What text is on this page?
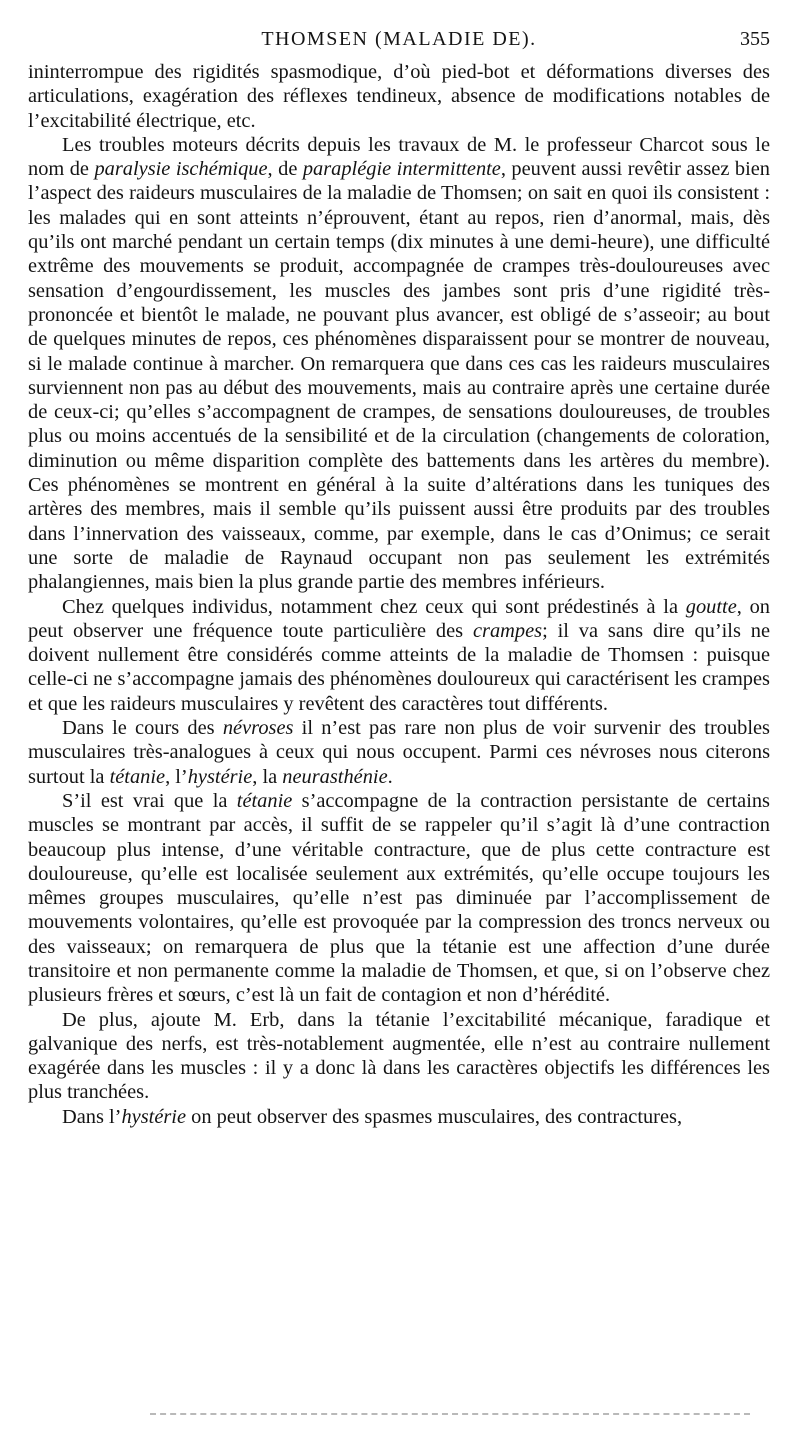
THOMSEN (MALADIE DE).	355

ininterrompue des rigidités spasmodique, d’où pied-bot et déformations diverses des articulations, exagération des réflexes tendineux, absence de modifications notables de l’excitabilité électrique, etc.

Les troubles moteurs décrits depuis les travaux de M. le professeur Charcot sous le nom de paralysie ischémique, de paraplégie intermittente, peuvent aussi revêtir assez bien l’aspect des raideurs musculaires de la maladie de Thomsen; on sait en quoi ils consistent : les malades qui en sont atteints n’éprouvent, étant au repos, rien d’anormal, mais, dès qu’ils ont marché pendant un certain temps (dix minutes à une demi-heure), une difficulté extrême des mouvements se produit, accompagnée de crampes très-douloureuses avec sensation d’engourdissement, les muscles des jambes sont pris d’une rigidité très-prononcée et bientôt le malade, ne pouvant plus avancer, est obligé de s’asseoir; au bout de quelques minutes de repos, ces phénomènes disparaissent pour se montrer de nouveau, si le malade continue à marcher. On remarquera que dans ces cas les raideurs musculaires surviennent non pas au début des mouvements, mais au contraire après une certaine durée de ceux-ci; qu’elles s’accompagnent de crampes, de sensations douloureuses, de troubles plus ou moins accentués de la sensibilité et de la circulation (changements de coloration, diminution ou même disparition complète des battements dans les artères du membre). Ces phénomènes se montrent en général à la suite d’altérations dans les tuniques des artères des membres, mais il semble qu’ils puissent aussi être produits par des troubles dans l’innervation des vaisseaux, comme, par exemple, dans le cas d’Onimus; ce serait une sorte de maladie de Raynaud occupant non pas seulement les extrémités phalangiennes, mais bien la plus grande partie des membres inférieurs.

Chez quelques individus, notamment chez ceux qui sont prédestinés à la goutte, on peut observer une fréquence toute particulière des crampes; il va sans dire qu’ils ne doivent nullement être considérés comme atteints de la maladie de Thomsen : puisque celle-ci ne s’accompagne jamais des phénomènes douloureux qui caractérisent les crampes et que les raideurs musculaires y revêtent des caractères tout différents.

Dans le cours des névroses il n’est pas rare non plus de voir survenir des troubles musculaires très-analogues à ceux qui nous occupent. Parmi ces névroses nous citerons surtout la tétanie, l’hystérie, la neurasthénie.

S’il est vrai que la tétanie s’accompagne de la contraction persistante de certains muscles se montrant par accès, il suffit de se rappeler qu’il s’agit là d’une contraction beaucoup plus intense, d’une véritable contracture, que de plus cette contracture est douloureuse, qu’elle est localisée seulement aux extrémités, qu’elle occupe toujours les mêmes groupes musculaires, qu’elle n’est pas diminuée par l’accomplissement de mouvements volontaires, qu’elle est provoquée par la compression des troncs nerveux ou des vaisseaux; on remarquera de plus que la tétanie est une affection d’une durée transitoire et non permanente comme la maladie de Thomsen, et que, si on l’observe chez plusieurs frères et sœurs, c’est là un fait de contagion et non d’hérédité.

De plus, ajoute M. Erb, dans la tétanie l’excitabilité mécanique, faradique et galvanique des nerfs, est très-notablement augmentée, elle n’est au contraire nullement exagérée dans les muscles : il y a donc là dans les caractères objectifs les différences les plus tranchées.

Dans l’hystérie on peut observer des spasmes musculaires, des contractures,
